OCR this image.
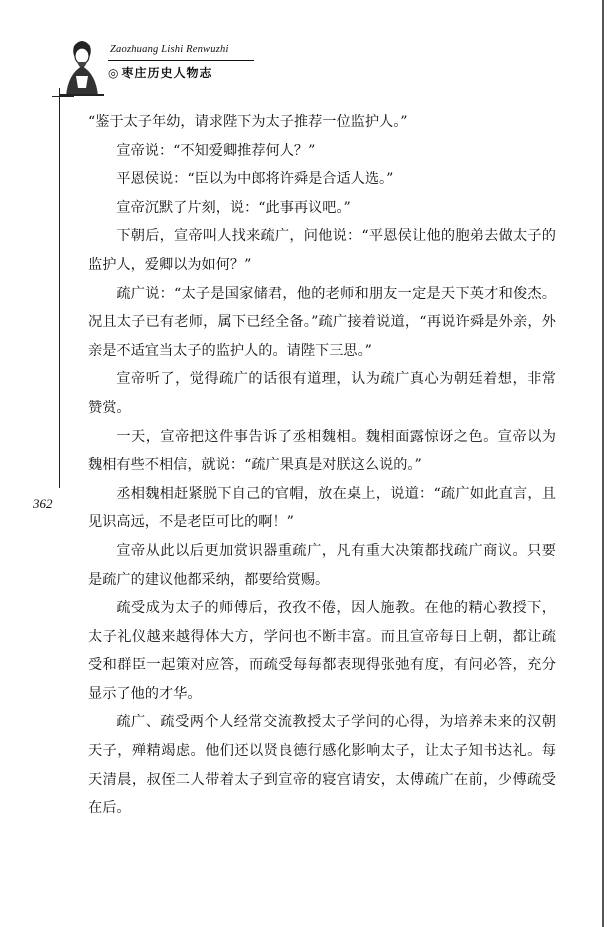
Zaozhuang Lishi Renwuzhi
◎ 枣庄历史人物志
362

“鉴于太子年幼，请求陛下为太子推荐一位监护人。”

宣帝说：“不知爱卿推荐何人？”

平恩侯说：“臣以为中郎将许舜是合适人选。”

宣帝沉默了片刻，说：“此事再议吧。”

下朝后，宣帝叫人找来疏广，问他说：“平恩侯让他的胞弟去做太子的监护人，爱卿以为如何？”

疏广说：“太子是国家储君，他的老师和朋友一定是天下英才和俊杰。况且太子已有老师，属下已经全备。”疏广接着说道，“再说许舜是外亲，外亲是不适宜当太子的监护人的。请陛下三思。”

宣帝听了，觉得疏广的话很有道理，认为疏广真心为朝廷着想，非常赞赏。

一天，宣帝把这件事告诉了丞相魏相。魏相面露惊讶之色。宣帝以为魏相有些不相信，就说：“疏广果真是对朕这么说的。”

丞相魏相赶紧脱下自己的官帽，放在桌上，说道：“疏广如此直言，且见识高远，不是老臣可比的啊！”

宣帝从此以后更加赏识器重疏广，凡有重大决策都找疏广商议。只要是疏广的建议他都采纳，都要给赏赐。

疏受成为太子的师傅后，孜孜不倦，因人施教。在他的精心教授下，太子礼仪越来越得体大方，学问也不断丰富。而且宣帝每日上朝，都让疏受和群臣一起策对应答，而疏受每每都表现得张弛有度，有问必答，充分显示了他的才华。

疏广、疏受两个人经常交流教授太子学问的心得，为培养未来的汉朝天子，殚精竭虑。他们还以贤良德行感化影响太子，让太子知书达礼。每天清晨，叔侄二人带着太子到宣帝的寝宫请安，太傅疏广在前，少傅疏受在后。
